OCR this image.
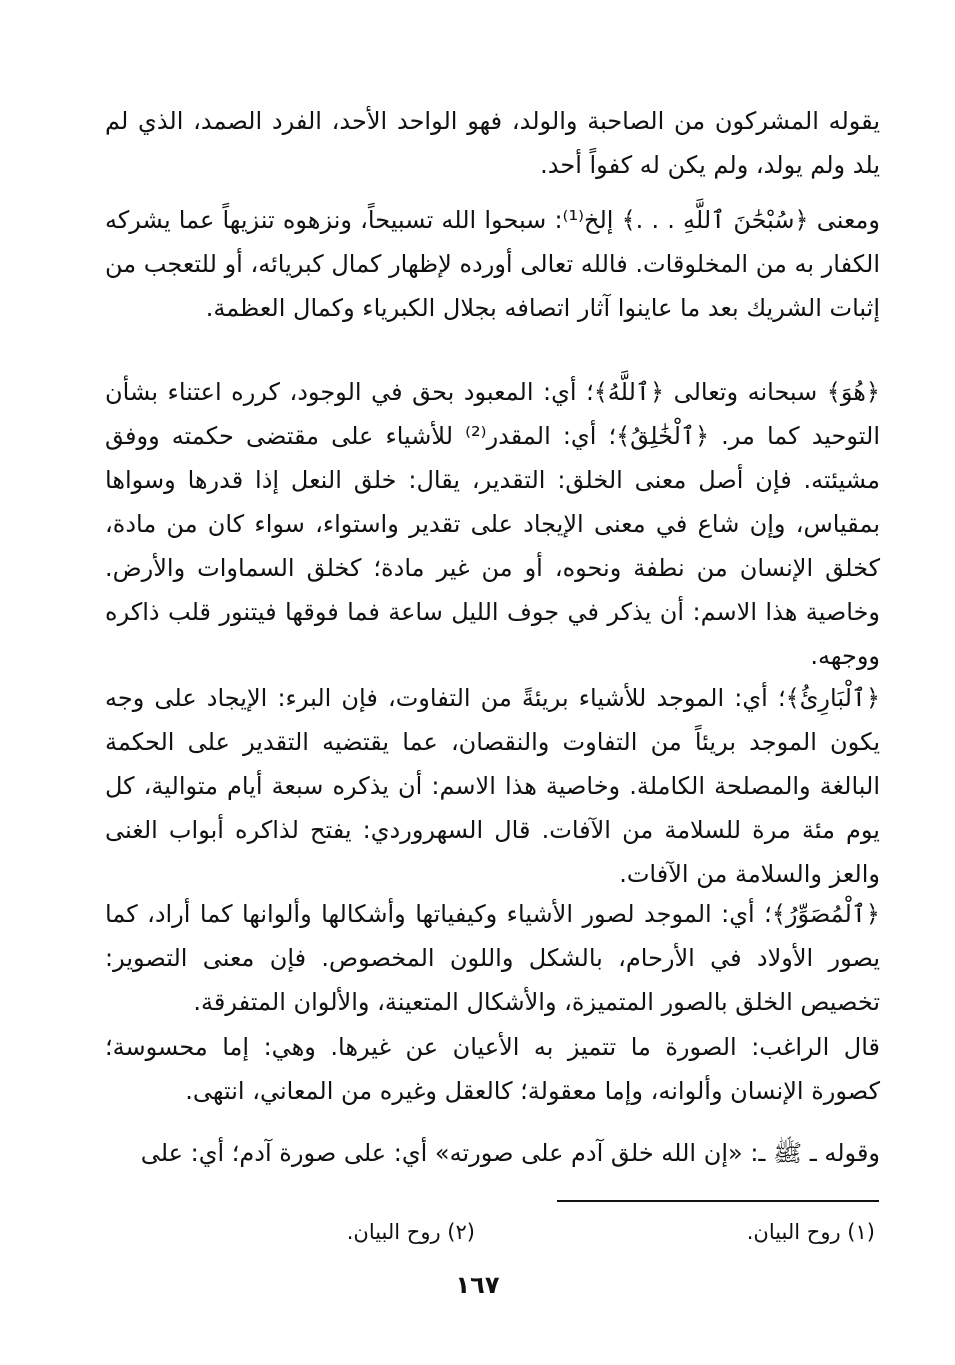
يقوله المشركون من الصاحبة والولد، فهو الواحد الأحد، الفرد الصمد، الذي لم يلد ولم يولد، ولم يكن له كفواً أحد.
ومعنى ﴿سُبْحَٰنَ ٱللَّهِ . . .﴾ إلخ⁽¹⁾: سبحوا الله تسبيحاً، ونزهوه تنزيهاً عما يشركه الكفار به من المخلوقات. فالله تعالى أورده لإظهار كمال كبريائه، أو للتعجب من إثبات الشريك بعد ما عاينوا آثار اتصافه بجلال الكبرياء وكمال العظمة.
﴿هُوَ﴾ سبحانه وتعالى ﴿ٱللَّهُ﴾؛ أي: المعبود بحق في الوجود، كرره اعتناء بشأن التوحيد كما مر. ﴿ٱلْخَٰلِقُ﴾؛ أي: المقدر⁽²⁾ للأشياء على مقتضى حكمته ووفق مشيئته. فإن أصل معنى الخلق: التقدير، يقال: خلق النعل إذا قدرها وسواها بمقياس، وإن شاع في معنى الإيجاد على تقدير واستواء، سواء كان من مادة، كخلق الإنسان من نطفة ونحوه، أو من غير مادة؛ كخلق السماوات والأرض. وخاصية هذا الاسم: أن يذكر في جوف الليل ساعة فما فوقها فيتنور قلب ذاكره ووجهه.
﴿ٱلْبَارِئُ﴾؛ أي: الموجد للأشياء بريئةً من التفاوت، فإن البرء: الإيجاد على وجه يكون الموجد بريئاً من التفاوت والنقصان، عما يقتضيه التقدير على الحكمة البالغة والمصلحة الكاملة. وخاصية هذا الاسم: أن يذكره سبعة أيام متوالية، كل يوم مئة مرة للسلامة من الآفات. قال السهروردي: يفتح لذاكره أبواب الغنى والعز والسلامة من الآفات.
﴿ٱلْمُصَوِّرُ﴾؛ أي: الموجد لصور الأشياء وكيفياتها وأشكالها وألوانها كما أراد، كما يصور الأولاد في الأرحام، بالشكل واللون المخصوص. فإن معنى التصوير: تخصيص الخلق بالصور المتميزة، والأشكال المتعينة، والألوان المتفرقة.
قال الراغب: الصورة ما تتميز به الأعيان عن غيرها. وهي: إما محسوسة؛ كصورة الإنسان وألوانه، وإما معقولة؛ كالعقل وغيره من المعاني، انتهى.
وقوله ـ ﷺ ـ: «إن الله خلق آدم على صورته» أي: على صورة آدم؛ أي: على
(١) روح البيان.
(٢) روح البيان.
١٦٧
